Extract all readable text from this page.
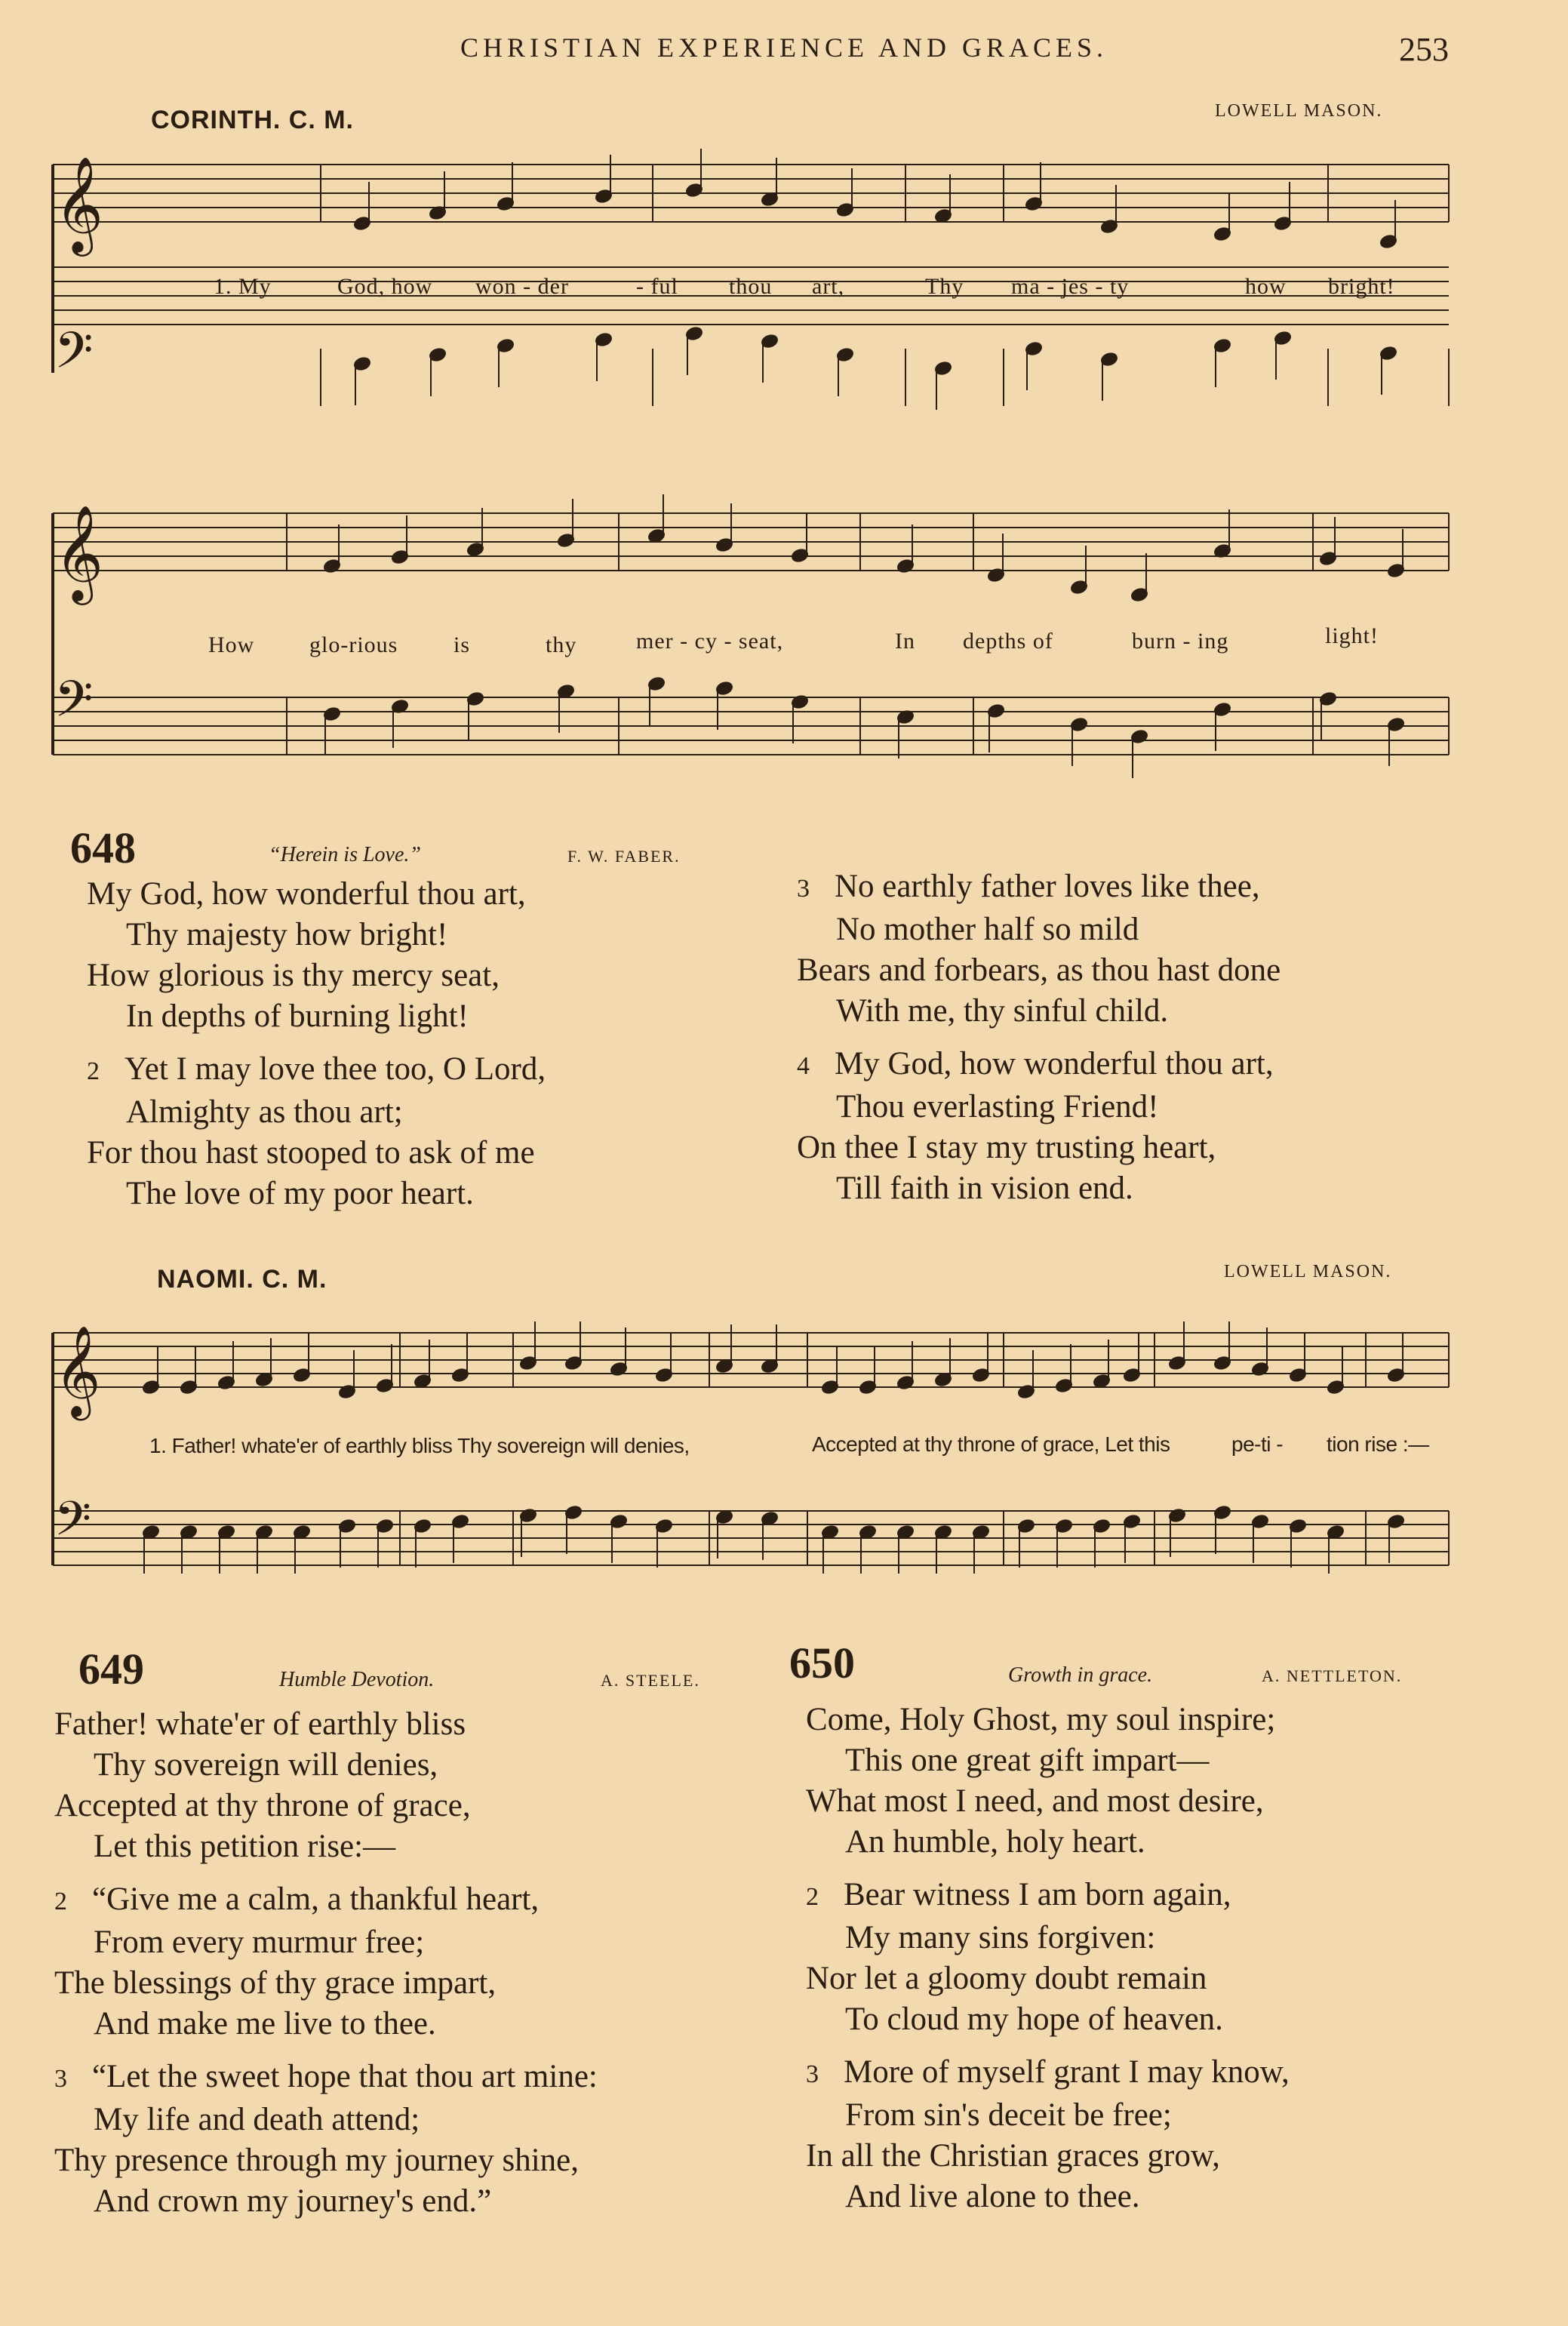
CHRISTIAN EXPERIENCE AND GRACES.	253
CORINTH. C. M.	LOWELL MASON.
𝄞
𝄢
𝄞
𝄢
1. My	God, how won - der	- ful thou art,	Thy ma - jes - ty	how bright!
How glo-rious is	thy	mer - cy - seat,	In depths of	burn - ing	light!
648	“Herein is Love.”	F. W. FABER.
My God, how wonderful thou art,
Thy majesty how bright!
How glorious is thy mercy seat,
In depths of burning light!
2 Yet I may love thee too, O Lord,
Almighty as thou art;
For thou hast stooped to ask of me
The love of my poor heart.
3 No earthly father loves like thee,
No mother half so mild
Bears and forbears, as thou hast done
With me, thy sinful child.
4 My God, how wonderful thou art,
Thou everlasting Friend!
On thee I stay my trusting heart,
Till faith in vision end.
NAOMI. C. M.	LOWELL MASON.
𝄞
𝄢
1. Father! whate'er of earthly bliss Thy sovereign will denies,	Accepted at thy throne of grace, Let this	pe-ti - tion rise :—
649	Humble Devotion.	A. STEELE.
Father! whate'er of earthly bliss
Thy sovereign will denies,
Accepted at thy throne of grace,
Let this petition rise:—
2 “Give me a calm, a thankful heart,
From every murmur free;
The blessings of thy grace impart,
And make me live to thee.
3 “Let the sweet hope that thou art mine:
My life and death attend;
Thy presence through my journey shine,
And crown my journey's end.”
650	Growth in grace.	A. NETTLETON.
Come, Holy Ghost, my soul inspire;
This one great gift impart—
What most I need, and most desire,
An humble, holy heart.
2 Bear witness I am born again,
My many sins forgiven:
Nor let a gloomy doubt remain
To cloud my hope of heaven.
3 More of myself grant I may know,
From sin's deceit be free;
In all the Christian graces grow,
And live alone to thee.
